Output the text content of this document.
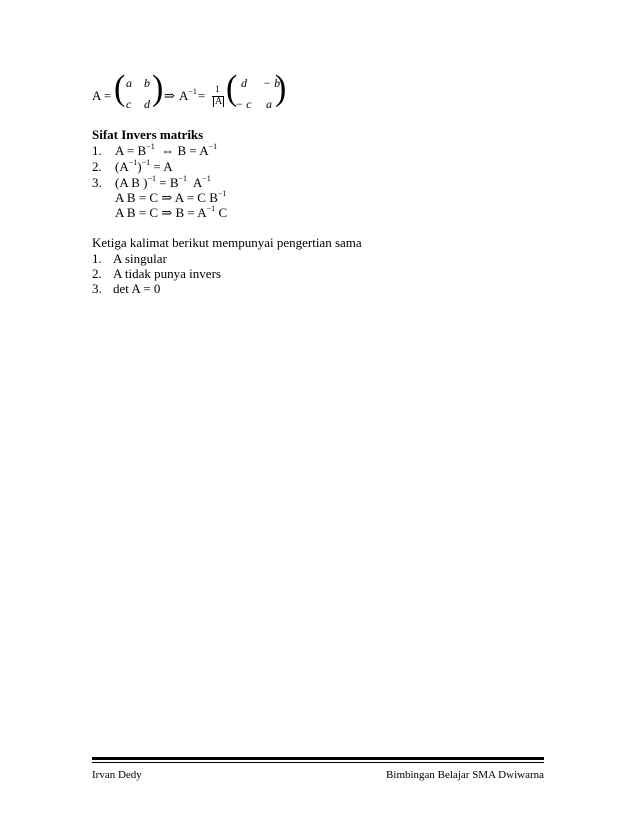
A = ( a b
c d ) ⇒ $A^{-1} = 1$
A ( d − b
− c a )
Sifat Invers matriks
1. $A = B^{-1}$  ⇔ $B = A^{-1}$
2. $(A^{-1})^{-1} = A$
3. (A B )$^{-1} = B^{-1}$  $A^{-1}$
A B = C ⇒ A = C $B^{-1}$
A B = C ⇒ $B = A^{-1}$ C
Ketiga kalimat berikut mempunyai pengertian sama
1. A singular
2. A tidak punya invers
3. det A = 0
Irvan Dedy	Bimbingan Belajar SMA Dwiwarna
